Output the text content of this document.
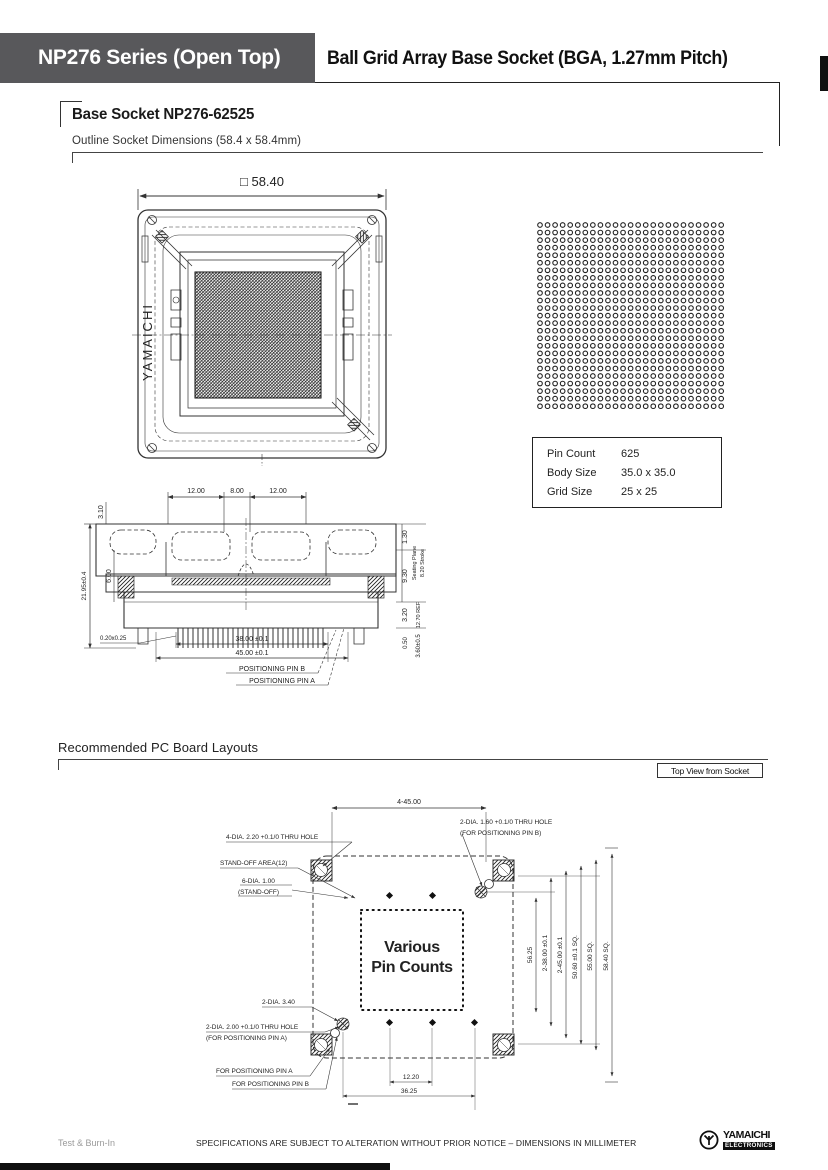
NP276 Series (Open Top) Ball Grid Array Base Socket (BGA, 1.27mm Pitch)
Base Socket NP276-62525
Outline Socket Dimensions (58.4 x 58.4mm)
□ 58.40
YAMAICHI
Pin Count	625
Body Size	35.0 x 35.0
Grid Size	25 x 25
12.00	8.00	12.00
3.10
21.95±0.4	6.00
1.30
9.30 Seating Plane 8.20 Stroke
3.20 12.70 REF
0.50 3.60±0.5
0.20x0.25	38.00 ±0.1
45.00 ±0.1
POSITIONING PIN B
POSITIONING PIN A
Recommended PC Board Layouts
Top View from Socket
4-45.00
4-DIA. 2.20 +0.1/0 THRU HOLE
STAND-OFF AREA(12)
6-DIA. 1.00
(STAND-OFF)
2-DIA. 3.40
2-DIA. 2.00 +0.1/0 THRU HOLE
(FOR POSITIONING PIN A)
FOR POSITIONING PIN A
FOR POSITIONING PIN B
2-DIA. 1.60 +0.1/0 THRU HOLE
(FOR POSITIONING PIN B)
Various
Pin Counts
56.25 2-38.00 ±0.1 2-45.00 ±0.1 50.60 ±0.1 SQ. 55.00 SQ. 58.40 SQ.
12.20
36.25
Test & Burn-In	SPECIFICATIONS ARE SUBJECT TO ALTERATION WITHOUT PRIOR NOTICE – DIMENSIONS IN MILLIMETER
YAMAICHI
ELECTRONICS
